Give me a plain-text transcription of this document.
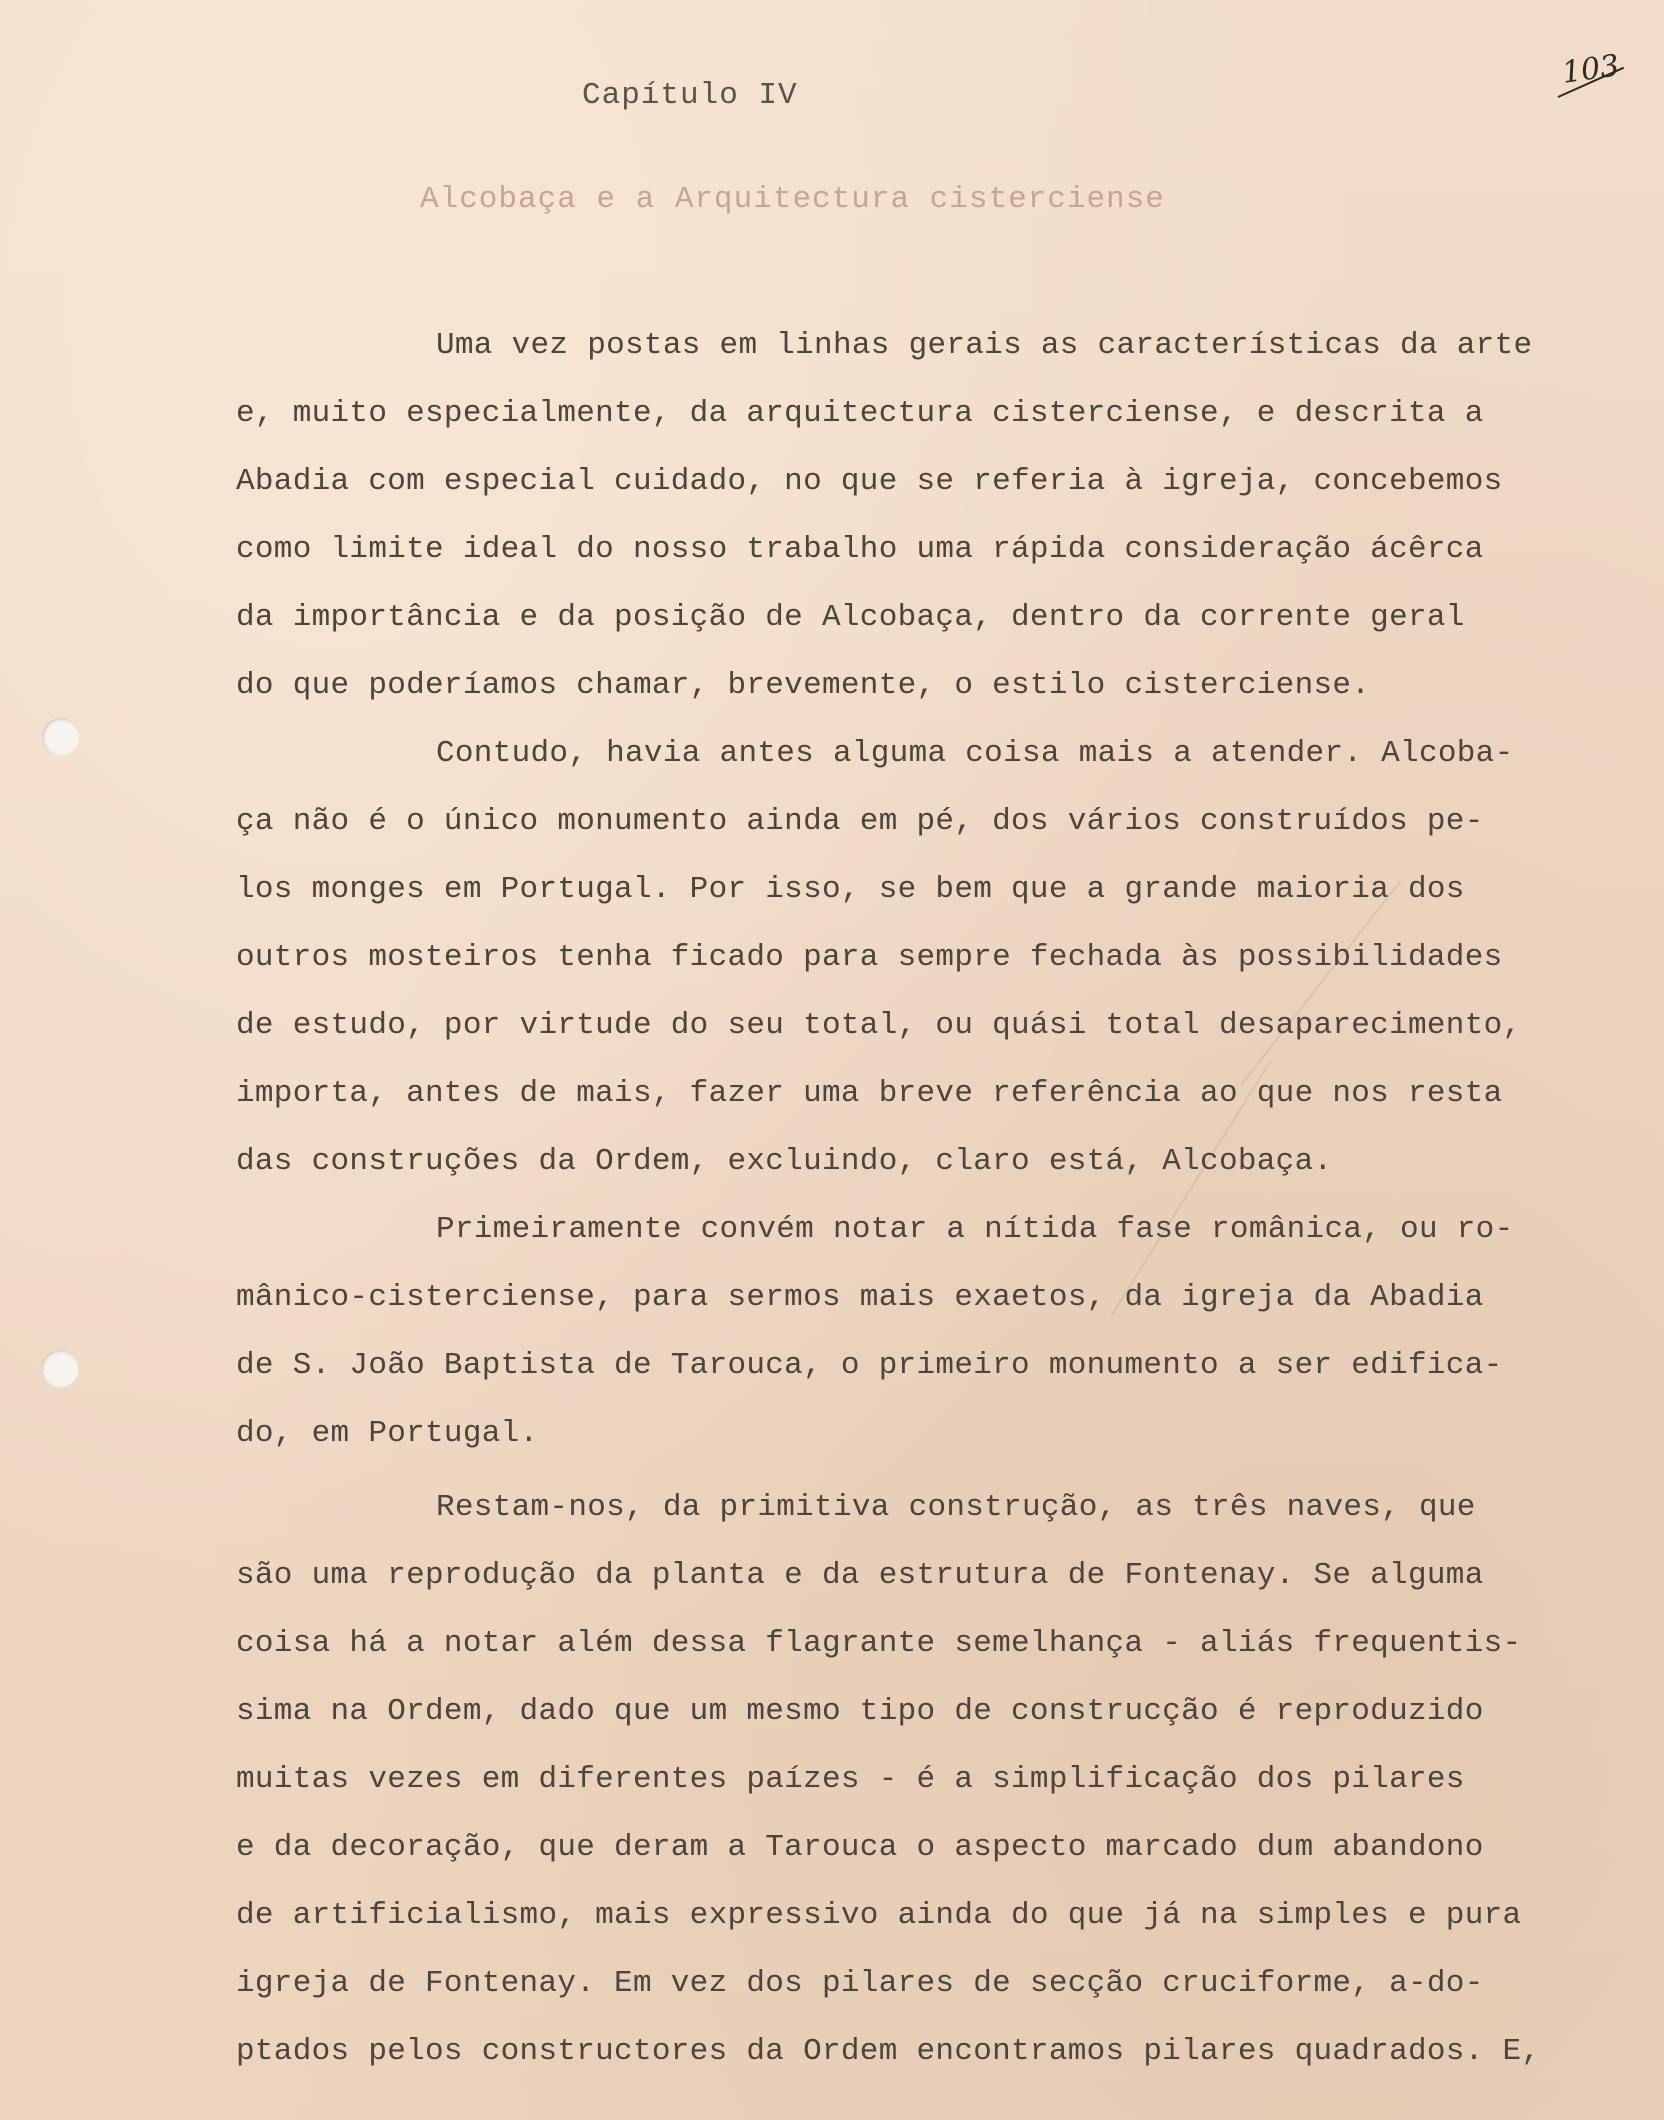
103
Capítulo IV
Alcobaça e a Arquitectura cisterciense
Uma vez postas em linhas gerais as características da arte
e, muito especialmente, da arquitectura cisterciense, e descrita a
Abadia com especial cuidado, no que se referia à igreja, concebemos
como limite ideal do nosso trabalho uma rápida consideração ácêrca
da importância e da posição de Alcobaça, dentro da corrente geral
do que poderíamos chamar, brevemente, o estilo cisterciense.
Contudo, havia antes alguma coisa mais a atender. Alcoba-
ça não é o único monumento ainda em pé, dos vários construídos pe-
los monges em Portugal. Por isso, se bem que a grande maioria dos
outros mosteiros tenha ficado para sempre fechada às possibilidades
de estudo, por virtude do seu total, ou quási total desaparecimento,
importa, antes de mais, fazer uma breve referência ao que nos resta
das construções da Ordem, excluindo, claro está, Alcobaça.
Primeiramente convém notar a nítida fase românica, ou ro-
mânico-cisterciense, para sermos mais exaetos, da igreja da Abadia
de S. João Baptista de Tarouca, o primeiro monumento a ser edifica-
do, em Portugal.
Restam-nos, da primitiva construção, as três naves, que
são uma reprodução da planta e da estrutura de Fontenay. Se alguma
coisa há a notar além dessa flagrante semelhança - aliás frequentis-
sima na Ordem, dado que um mesmo tipo de construcção é reproduzido
muitas vezes em diferentes paízes - é a simplificação dos pilares
e da decoração, que deram a Tarouca o aspecto marcado dum abandono
de artificialismo, mais expressivo ainda do que já na simples e pura
igreja de Fontenay. Em vez dos pilares de secção cruciforme, a-do-
ptados pelos constructores da Ordem encontramos pilares quadrados. E,
